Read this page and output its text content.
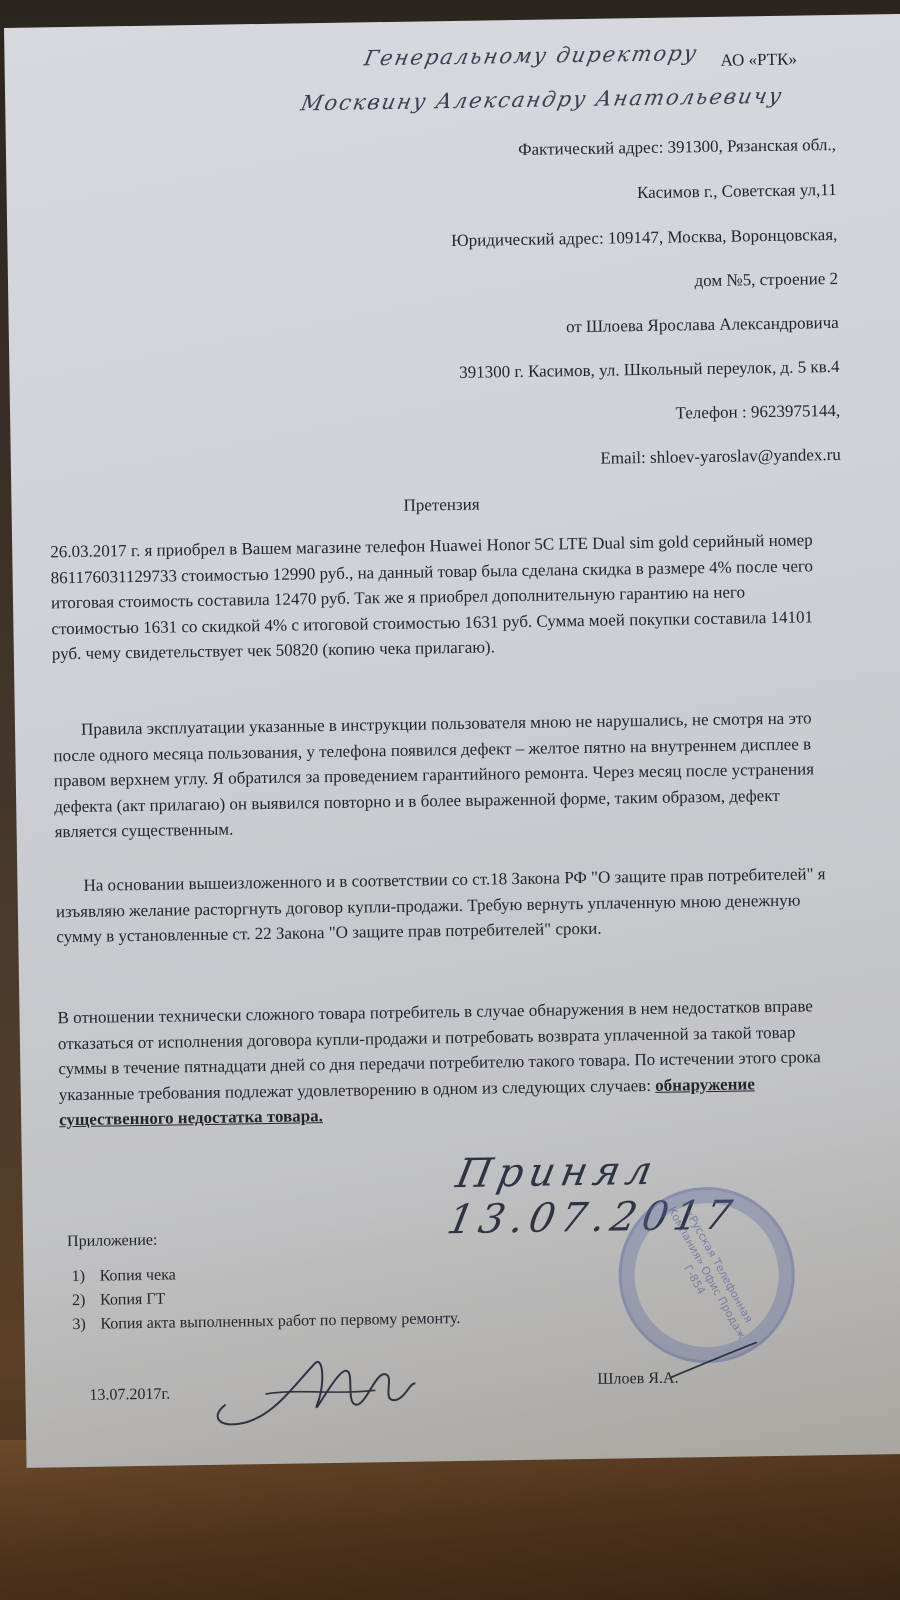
Генеральному директору АО «РТК»
Москвину Александру Анатольевичу
Фактический адрес: 391300, Рязанская обл.,
Касимов г., Советская ул,11
Юридический адрес: 109147, Москва, Воронцовская,
дом №5, строение 2
от Шлоева Ярослава Александровича
391300 г. Касимов, ул. Школьный переулок, д. 5 кв.4
Телефон : 9623975144,
Email: shloev-yaroslav@yandex.ru
Претензия

26.03.2017 г. я приобрел в Вашем магазине телефон Huawei Honor 5C LTE Dual sim gold серийный номер 861176031129733 стоимостью 12990 руб., на данный товар была сделана скидка в размере 4% после чего итоговая стоимость составила 12470 руб. Так же я приобрел дополнительную гарантию на него стоимостью 1631 со скидкой 4% с итоговой стоимостью 1631 руб. Сумма моей покупки составила 14101 руб. чему свидетельствует чек 50820 (копию чека прилагаю).

Правила эксплуатации указанные в инструкции пользователя мною не нарушались, не смотря на это после одного месяца пользования, у телефона появился дефект – желтое пятно на внутреннем дисплее в правом верхнем углу. Я обратился за проведением гарантийного ремонта. Через месяц после устранения дефекта (акт прилагаю) он выявился повторно и в более выраженной форме, таким образом, дефект является существенным.

На основании вышеизложенного и в соответствии со ст.18 Закона РФ "О защите прав потребителей" я изъявляю желание расторгнуть договор купли-продажи. Требую вернуть уплаченную мною денежную сумму в установленные ст. 22 Закона "О защите прав потребителей" сроки.

В отношении технически сложного товара потребитель в случае обнаружения в нем недостатков вправе отказаться от исполнения договора купли-продажи и потребовать возврата уплаченной за такой товар суммы в течение пятнадцати дней со дня передачи потребителю такого товара. По истечении этого срока указанные требования подлежат удовлетворению в одном из следующих случаев: обнаружение существенного недостатка товара.

Принял 13.07.2017
«Русская Телефонная Компания» Офис Продаж Г-854
Приложение:
1) Копия чека
2) Копия ГТ
3) Копия акта выполненных работ по первому ремонту.
13.07.2017г.
Шлоев Я.А.
